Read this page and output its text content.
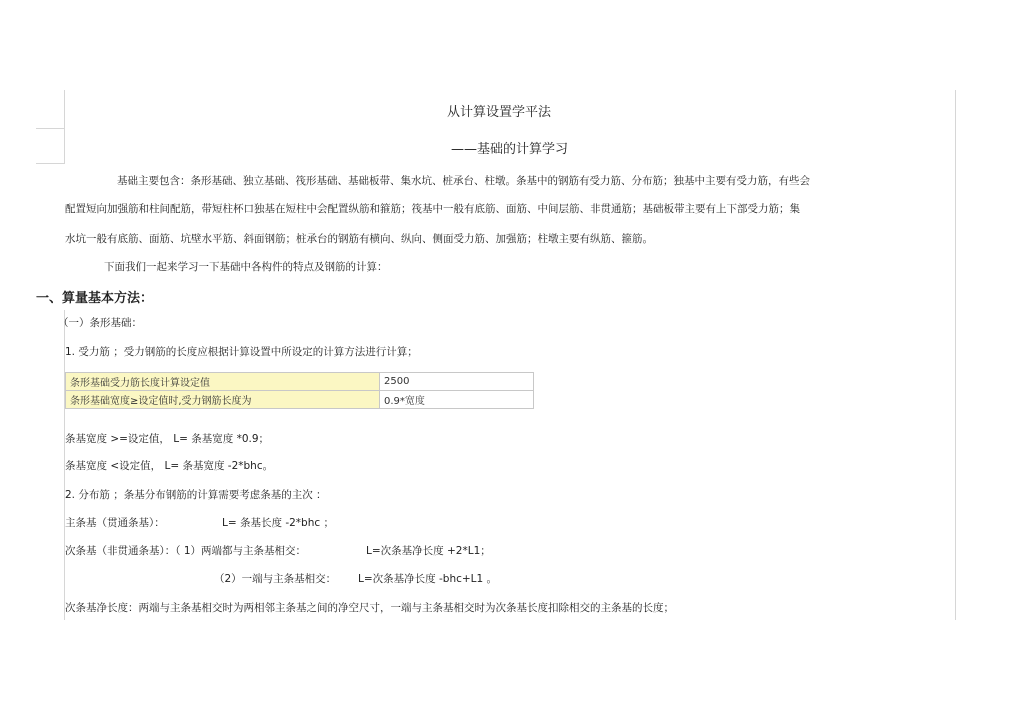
从计算设置学平法
——基础的计算学习
基础主要包含：条形基础、独立基础、筏形基础、基础板带、集水坑、桩承台、柱墩。条基中的钢筋有受力筋、分布筋；独基中主要有受力筋，有些会
配置短向加强筋和柱间配筋，带短柱杯口独基在短柱中会配置纵筋和箍筋；筏基中一般有底筋、面筋、中间层筋、非贯通筋；基础板带主要有上下部受力筋；集
水坑一般有底筋、面筋、坑壁水平筋、斜面钢筋；桩承台的钢筋有横向、纵向、侧面受力筋、加强筋；柱墩主要有纵筋、箍筋。
下面我们一起来学习一下基础中各构件的特点及钢筋的计算：
一、算量基本方法：
（一）条形基础：
1. 受力筋 ；受力钢筋的长度应根据计算设置中所设定的计算方法进行计算；
条形基础受力筋长度计算设定值	2500
条形基础宽度≥设定值时,受力钢筋长度为	0.9*宽度
条基宽度 >=设定值， L= 条基宽度 *0.9；
条基宽度 <设定值， L= 条基宽度 -2*bhc。
2. 分布筋 ；条基分布钢筋的计算需要考虑条基的主次 ：
主条基（贯通条基）：	L= 条基长度 -2*bhc ；
次条基（非贯通条基）：（ 1）两端都与主条基相交：	L=次条基净长度 +2*L1；
（2）一端与主条基相交： L=次条基净长度 -bhc+L1 。
次条基净长度：两端与主条基相交时为两相邻主条基之间的净空尺寸，一端与主条基相交时为次条基长度扣除相交的主条基的长度；
